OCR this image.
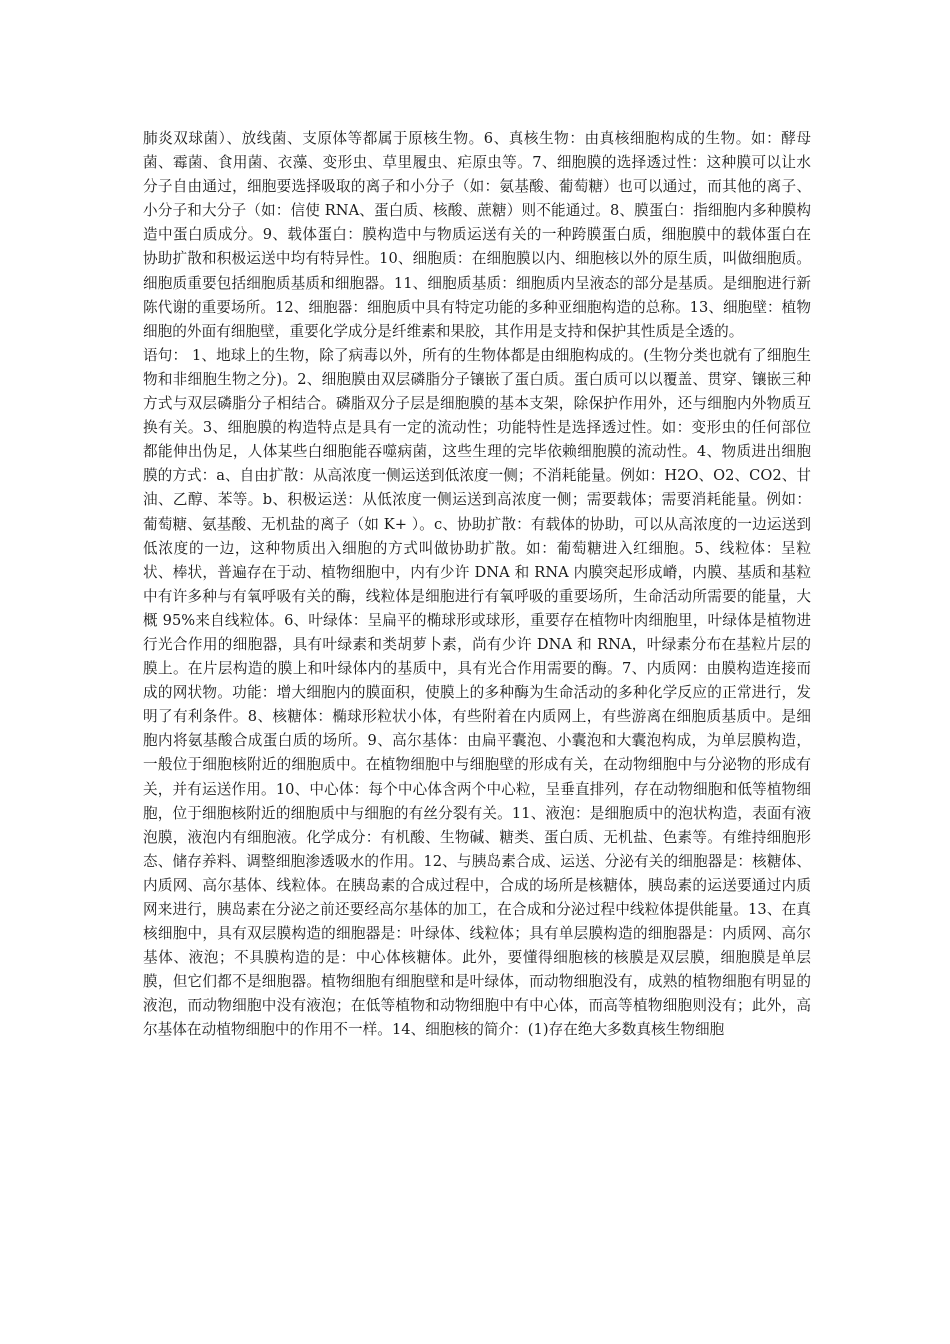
肺炎双球菌）、放线菌、支原体等都属于原核生物。6、真核生物：由真核细胞构成的生物。如：酵母菌、霉菌、食用菌、衣藻、变形虫、草里履虫、疟原虫等。7、细胞膜的选择透过性：这种膜可以让水分子自由通过，细胞要选择吸取的离子和小分子（如：氨基酸、葡萄糖）也可以通过，而其他的离子、小分子和大分子（如：信使 RNA、蛋白质、核酸、蔗糖）则不能通过。8、膜蛋白：指细胞内多种膜构造中蛋白质成分。9、载体蛋白：膜构造中与物质运送有关的一种跨膜蛋白质，细胞膜中的载体蛋白在协助扩散和积极运送中均有特异性。10、细胞质：在细胞膜以内、细胞核以外的原生质，叫做细胞质。细胞质重要包括细胞质基质和细胞器。11、细胞质基质：细胞质内呈液态的部分是基质。是细胞进行新陈代谢的重要场所。12、细胞器：细胞质中具有特定功能的多种亚细胞构造的总称。13、细胞壁：植物细胞的外面有细胞壁，重要化学成分是纤维素和果胶，其作用是支持和保护其性质是全透的。

语句： 1、地球上的生物，除了病毒以外，所有的生物体都是由细胞构成的。(生物分类也就有了细胞生物和非细胞生物之分)。2、细胞膜由双层磷脂分子镶嵌了蛋白质。蛋白质可以以覆盖、贯穿、镶嵌三种方式与双层磷脂分子相结合。磷脂双分子层是细胞膜的基本支架，除保护作用外，还与细胞内外物质互换有关。3、细胞膜的构造特点是具有一定的流动性；功能特性是选择透过性。如：变形虫的任何部位都能伸出伪足，人体某些白细胞能吞噬病菌，这些生理的完毕依赖细胞膜的流动性。4、物质进出细胞膜的方式：a、自由扩散：从高浓度一侧运送到低浓度一侧；不消耗能量。例如：H2O、O2、CO2、甘油、乙醇、苯等。b、积极运送：从低浓度一侧运送到高浓度一侧；需要载体；需要消耗能量。例如：葡萄糖、氨基酸、无机盐的离子（如 K+ ）。c、协助扩散：有载体的协助，可以从高浓度的一边运送到低浓度的一边，这种物质出入细胞的方式叫做协助扩散。如：葡萄糖进入红细胞。5、线粒体：呈粒状、棒状，普遍存在于动、植物细胞中，内有少许 DNA 和 RNA 内膜突起形成嵴，内膜、基质和基粒中有许多种与有氧呼吸有关的酶，线粒体是细胞进行有氧呼吸的重要场所，生命活动所需要的能量，大概 95%来自线粒体。6、叶绿体：呈扁平的椭球形或球形，重要存在植物叶肉细胞里，叶绿体是植物进行光合作用的细胞器，具有叶绿素和类胡萝卜素，尚有少许 DNA 和 RNA，叶绿素分布在基粒片层的膜上。在片层构造的膜上和叶绿体内的基质中，具有光合作用需要的酶。7、内质网：由膜构造连接而成的网状物。功能：增大细胞内的膜面积，使膜上的多种酶为生命活动的多种化学反应的正常进行，发明了有利条件。8、核糖体：椭球形粒状小体，有些附着在内质网上，有些游离在细胞质基质中。是细胞内将氨基酸合成蛋白质的场所。9、高尔基体：由扁平囊泡、小囊泡和大囊泡构成，为单层膜构造，一般位于细胞核附近的细胞质中。在植物细胞中与细胞壁的形成有关，在动物细胞中与分泌物的形成有关，并有运送作用。10、中心体：每个中心体含两个中心粒，呈垂直排列，存在动物细胞和低等植物细胞，位于细胞核附近的细胞质中与细胞的有丝分裂有关。11、液泡：是细胞质中的泡状构造，表面有液泡膜，液泡内有细胞液。化学成分：有机酸、生物碱、糖类、蛋白质、无机盐、色素等。有维持细胞形态、储存养料、调整细胞渗透吸水的作用。12、与胰岛素合成、运送、分泌有关的细胞器是：核糖体、内质网、高尔基体、线粒体。在胰岛素的合成过程中，合成的场所是核糖体，胰岛素的运送要通过内质网来进行，胰岛素在分泌之前还要经高尔基体的加工，在合成和分泌过程中线粒体提供能量。13、在真核细胞中，具有双层膜构造的细胞器是：叶绿体、线粒体；具有单层膜构造的细胞器是：内质网、高尔基体、液泡；不具膜构造的是：中心体核糖体。此外，要懂得细胞核的核膜是双层膜，细胞膜是单层膜，但它们都不是细胞器。植物细胞有细胞壁和是叶绿体，而动物细胞没有，成熟的植物细胞有明显的液泡，而动物细胞中没有液泡；在低等植物和动物细胞中有中心体，而高等植物细胞则没有；此外，高尔基体在动植物细胞中的作用不一样。14、细胞核的简介：(1)存在绝大多数真核生物细胞
